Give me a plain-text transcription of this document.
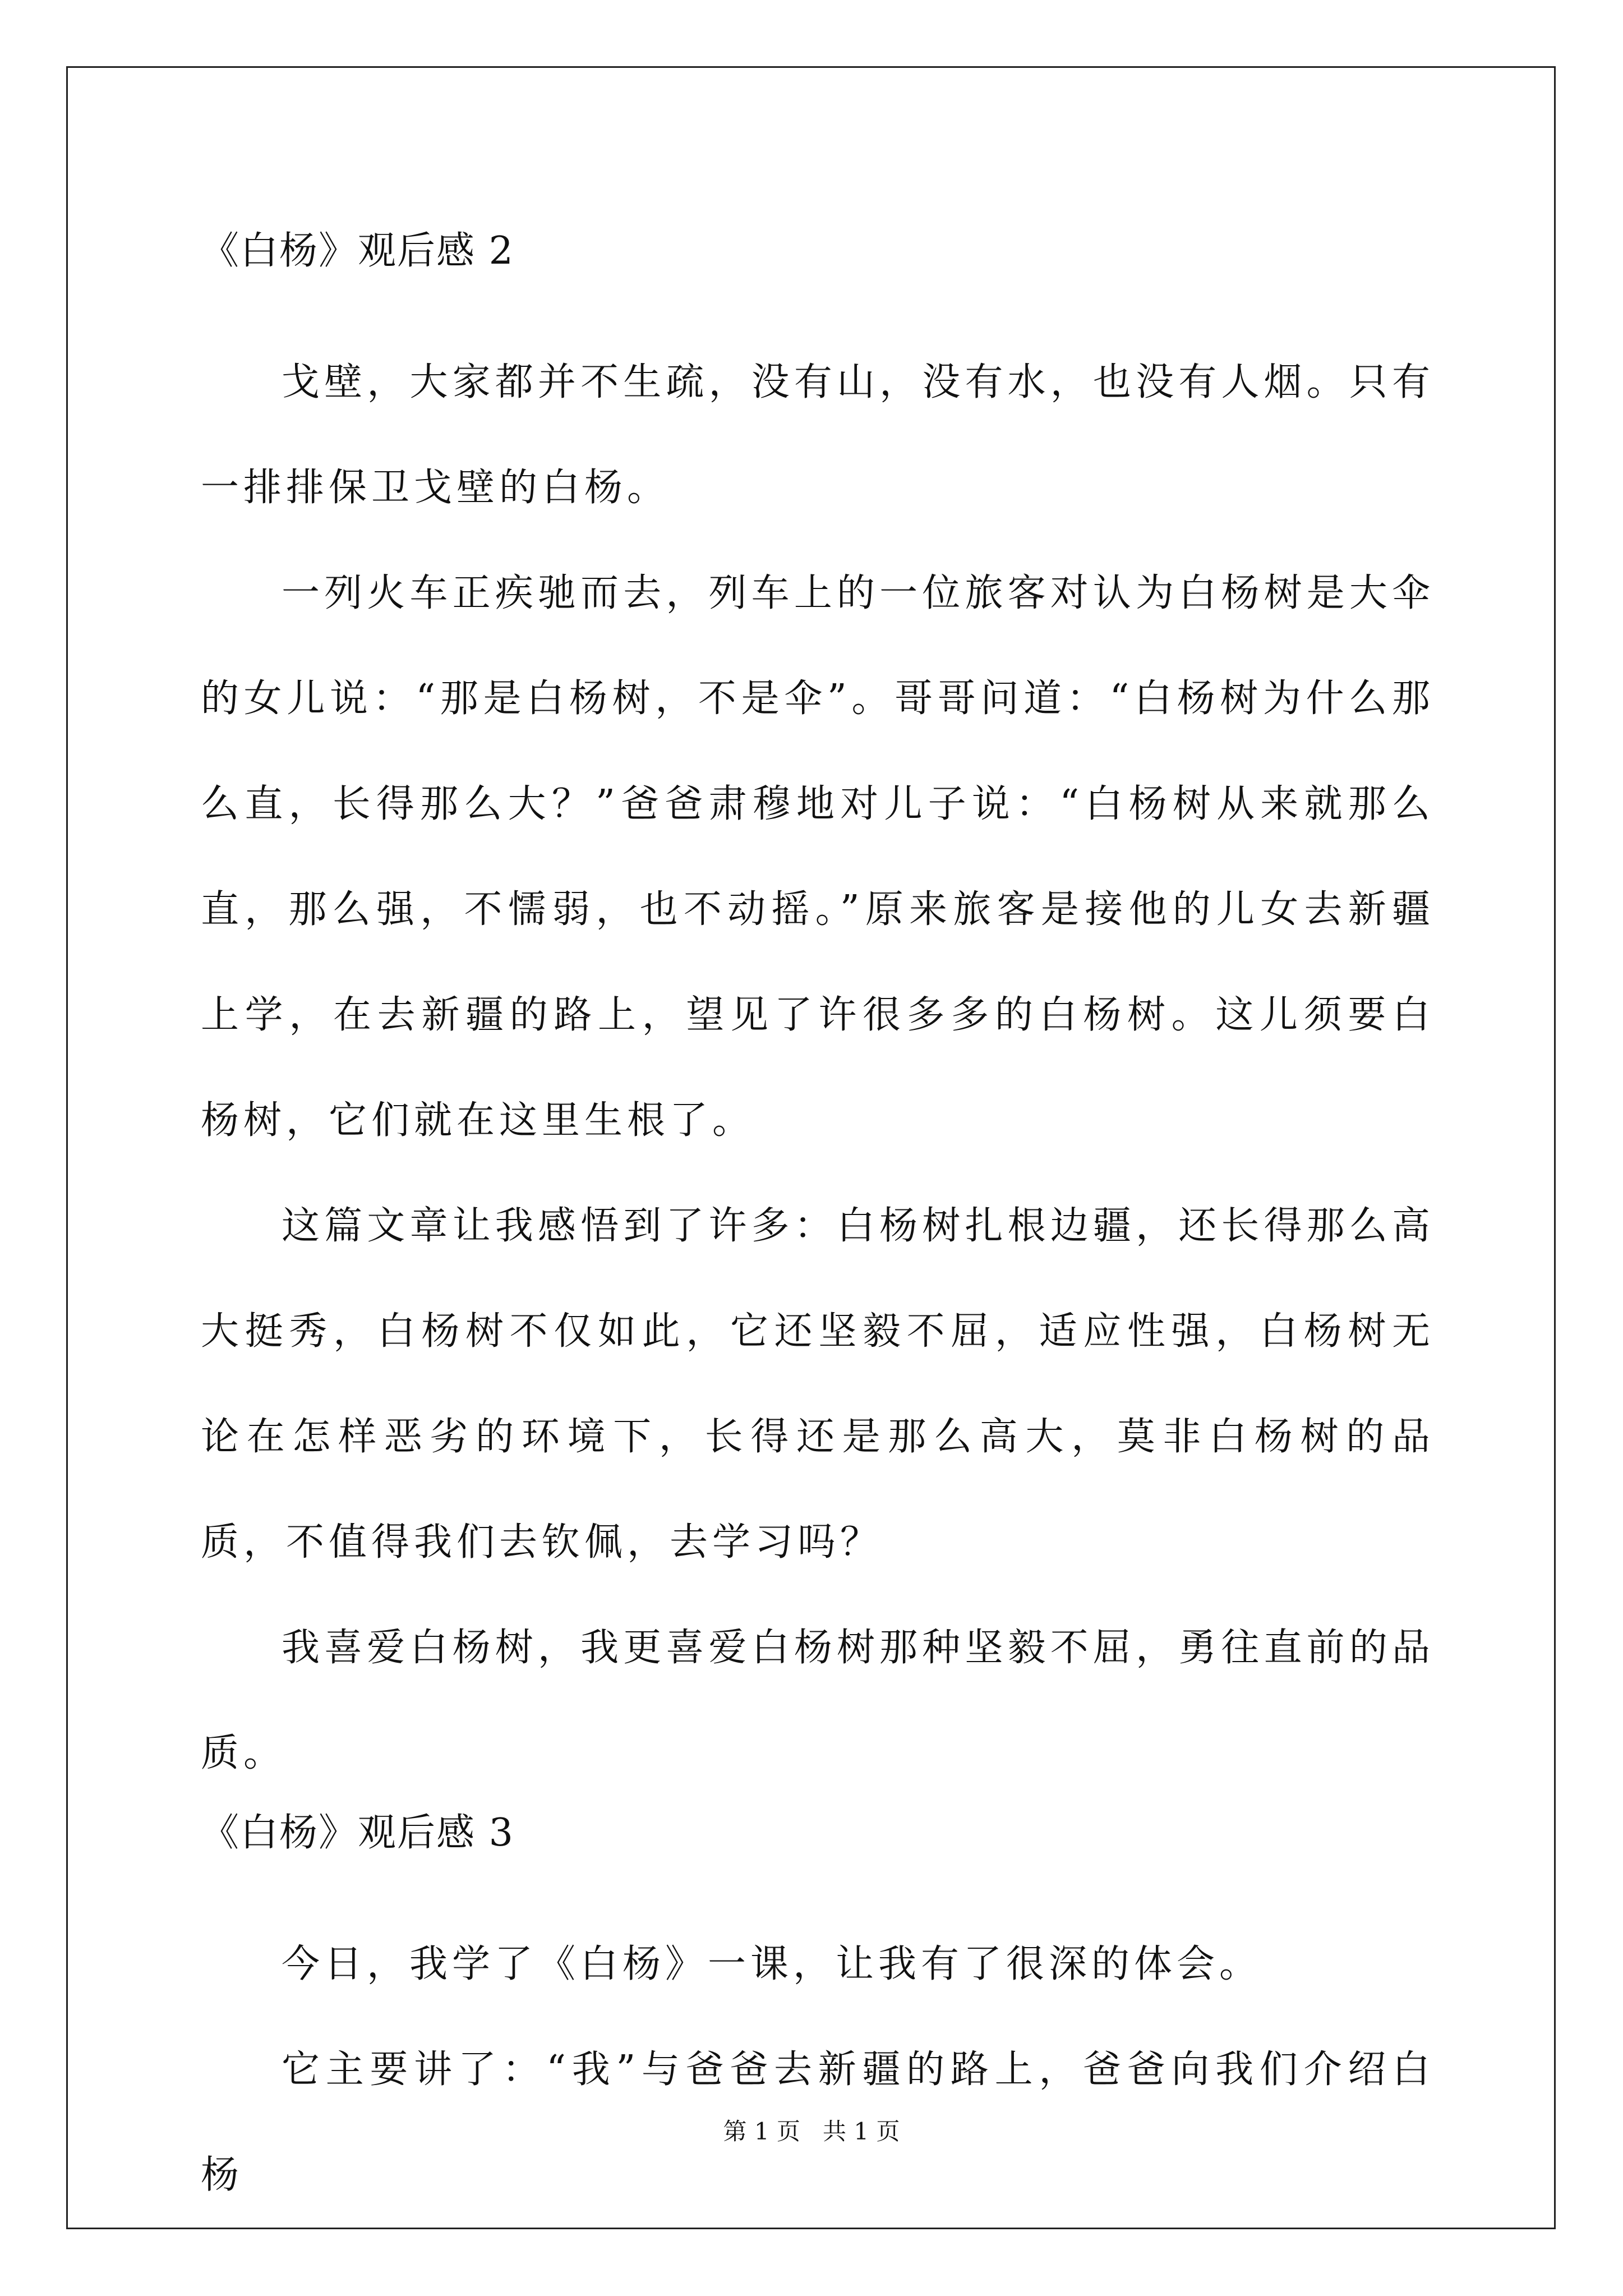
《白杨》观后感 2

戈壁，大家都并不生疏，没有山，没有水，也没有人烟。只有一排排保卫戈壁的白杨。

一列火车正疾驰而去，列车上的一位旅客对认为白杨树是大伞的女儿说：“那是白杨树，不是伞”。哥哥问道：“白杨树为什么那么直，长得那么大？”爸爸肃穆地对儿子说：“白杨树从来就那么直，那么强，不懦弱，也不动摇。”原来旅客是接他的儿女去新疆上学，在去新疆的路上，望见了许很多多的白杨树。这儿须要白杨树，它们就在这里生根了。

这篇文章让我感悟到了许多：白杨树扎根边疆，还长得那么高大挺秀，白杨树不仅如此，它还坚毅不屈，适应性强，白杨树无论在怎样恶劣的环境下，长得还是那么高大，莫非白杨树的品质，不值得我们去钦佩，去学习吗？

我喜爱白杨树，我更喜爱白杨树那种坚毅不屈，勇往直前的品质。

《白杨》观后感 3

今日，我学了《白杨》一课，让我有了很深的体会。

它主要讲了：“我”与爸爸去新疆的路上，爸爸向我们介绍白杨

第 1 页   共 1 页
